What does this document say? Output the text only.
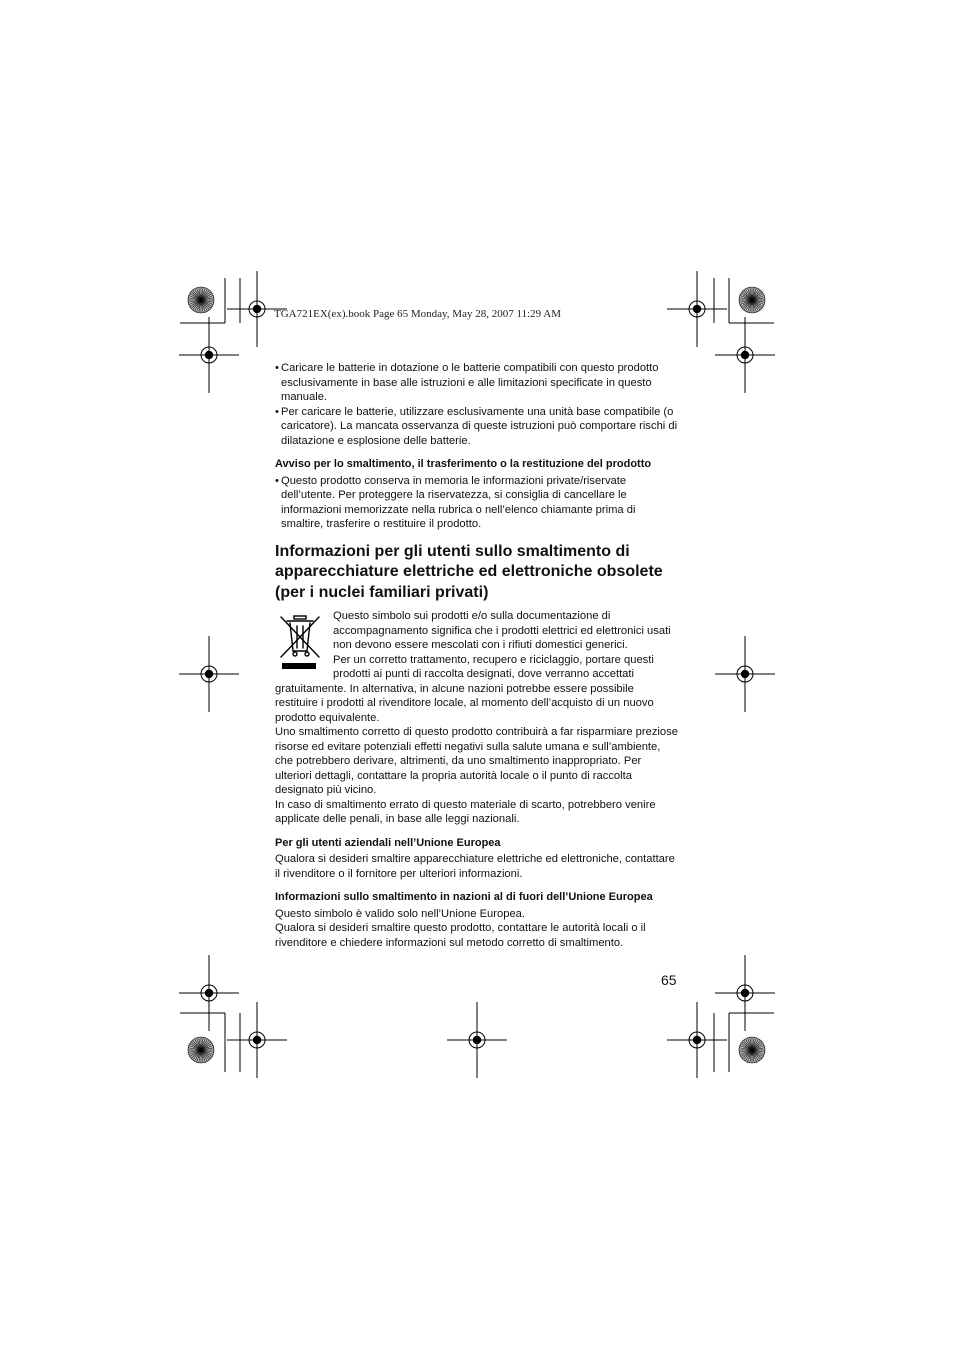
TGA721EX(ex).book Page 65 Monday, May 28, 2007 11:29 AM

• Caricare le batterie in dotazione o le batterie compatibili con questo prodotto esclusivamente in base alle istruzioni e alle limitazioni specificate in questo manuale.

• Per caricare le batterie, utilizzare esclusivamente una unità base compatibile (o caricatore). La mancata osservanza di queste istruzioni può comportare rischi di dilatazione e esplosione delle batterie.

Avviso per lo smaltimento, il trasferimento o la restituzione del prodotto

• Questo prodotto conserva in memoria le informazioni private/riservate dell’utente. Per proteggere la riservatezza, si consiglia di cancellare le informazioni memorizzate nella rubrica o nell’elenco chiamante prima di smaltire, trasferire o restituire il prodotto.

Informazioni per gli utenti sullo smaltimento di apparecchiature elettriche ed elettroniche obsolete (per i nuclei familiari privati)

Questo simbolo sui prodotti e/o sulla documentazione di accompagnamento significa che i prodotti elettrici ed elettronici usati non devono essere mescolati con i rifiuti domestici generici.

Per un corretto trattamento, recupero e riciclaggio, portare questi prodotti ai punti di raccolta designati, dove verranno accettati gratuitamente. In alternativa, in alcune nazioni potrebbe essere possibile restituire i prodotti al rivenditore locale, al momento dell’acquisto di un nuovo prodotto equivalente.

Uno smaltimento corretto di questo prodotto contribuirà a far risparmiare preziose risorse ed evitare potenziali effetti negativi sulla salute umana e sull’ambiente, che potrebbero derivare, altrimenti, da uno smaltimento inappropriato. Per ulteriori dettagli, contattare la propria autorità locale o il punto di raccolta designato più vicino.

In caso di smaltimento errato di questo materiale di scarto, potrebbero venire applicate delle penali, in base alle leggi nazionali.

Per gli utenti aziendali nell’Unione Europea

Qualora si desideri smaltire apparecchiature elettriche ed elettroniche, contattare il rivenditore o il fornitore per ulteriori informazioni.

Informazioni sullo smaltimento in nazioni al di fuori dell’Unione Europea

Questo simbolo è valido solo nell’Unione Europea.

Qualora si desideri smaltire questo prodotto, contattare le autorità locali o il rivenditore e chiedere informazioni sul metodo corretto di smaltimento.

65
